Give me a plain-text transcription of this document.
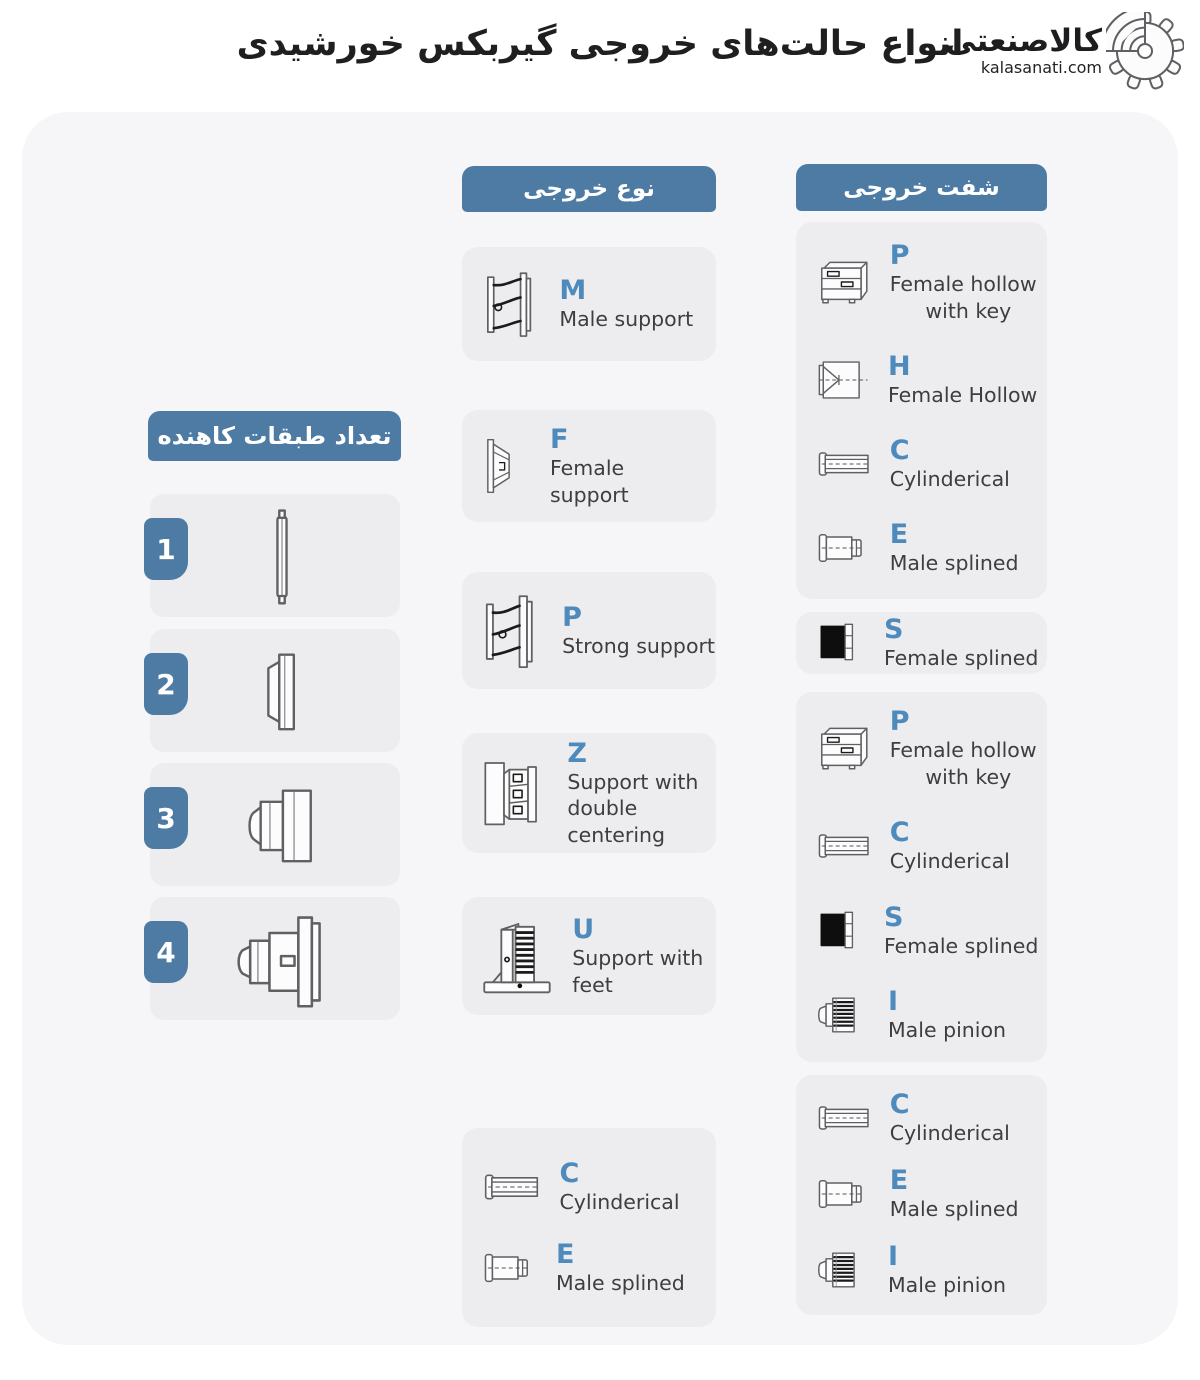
انواع حالت‌های خروجی گیربکس خورشیدی
کالاصنعتی
kalasanati.com
تعداد طبقات کاهنده
نوع خروجی	شفت خروجی
1
2
3
4
M
Male support
F
Female support
P
Strong support
Z
Support with
double centering
U
Support with
feet
C
Cylinderical
E
Male splined
P
Female hollow
with key
H
Female Hollow
C
Cylinderical
E
Male splined
S
Female splined
P
Female hollow
with key
C
Cylinderical
S
Female splined
I
Male pinion
C
Cylinderical
E
Male splined
I
Male pinion
